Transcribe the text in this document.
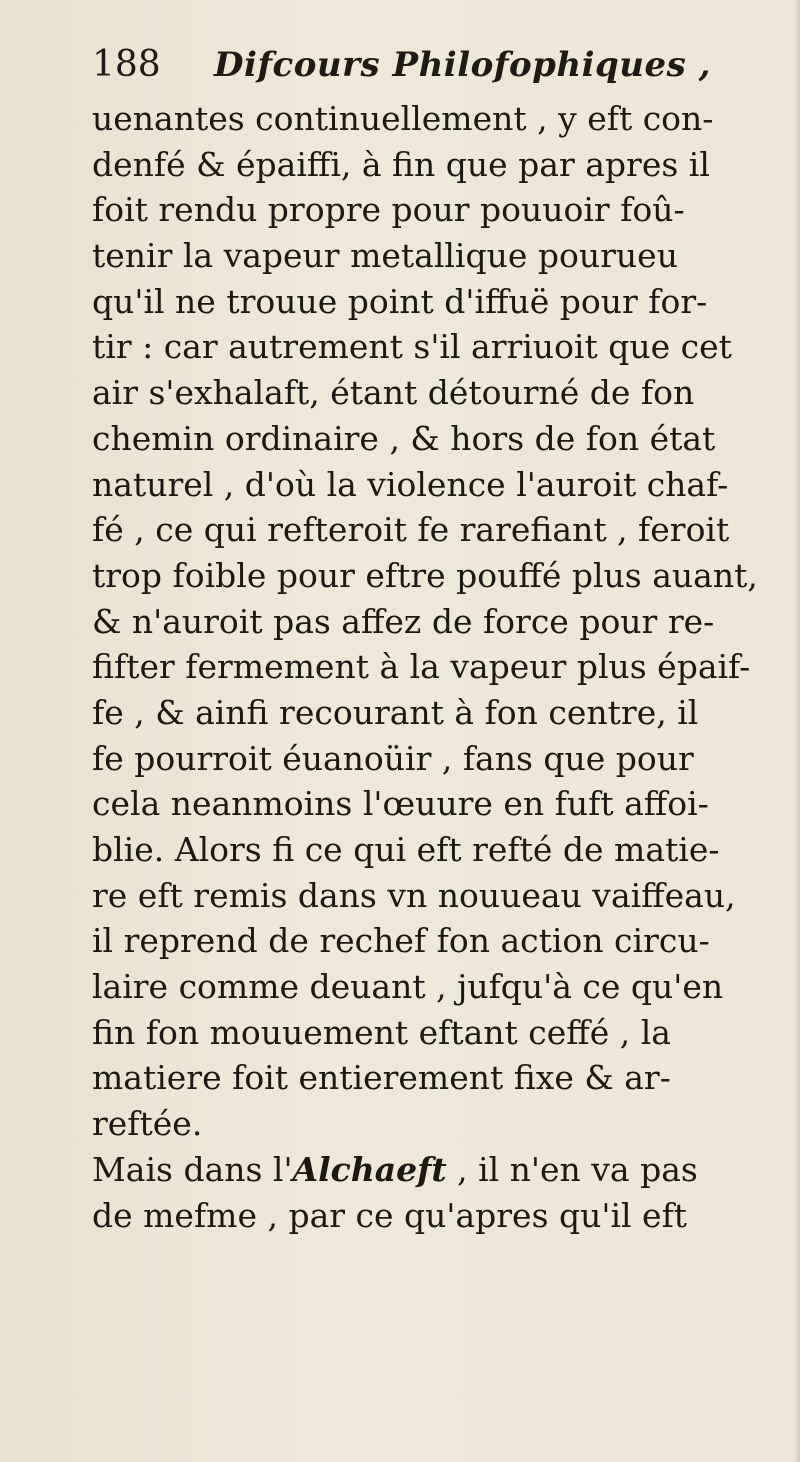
188 Difcours Philofophiques ,
uenantes continuellement , y eft con-
denfé & épaiffi, à fin que par apres il
foit rendu propre pour pouuoir foû-
tenir la vapeur metallique pourueu
qu'il ne trouue point d'iffuë pour for-
tir : car autrement s'il arriuoit que cet
air s'exhalaft, étant détourné de fon
chemin ordinaire , & hors de fon état
naturel , d'où la violence l'auroit chaf-
fé , ce qui refteroit fe rarefiant , feroit
trop foible pour eftre pouffé plus auant,
& n'auroit pas affez de force pour re-
fifter fermement à la vapeur plus épaif-
fe , & ainfi recourant à fon centre, il
fe pourroit éuanoüir , fans que pour
cela neanmoins l'œuure en fuft affoi-
blie. Alors fi ce qui eft refté de matie-
re eft remis dans vn nouueau vaiffeau,
il reprend de rechef fon action circu-
laire comme deuant , jufqu'à ce qu'en
fin fon mouuement eftant ceffé , la
matiere foit entierement fixe & ar-
reftée.
Mais dans l'Alchaeft , il n'en va pas
de mefme , par ce qu'apres qu'il eft
